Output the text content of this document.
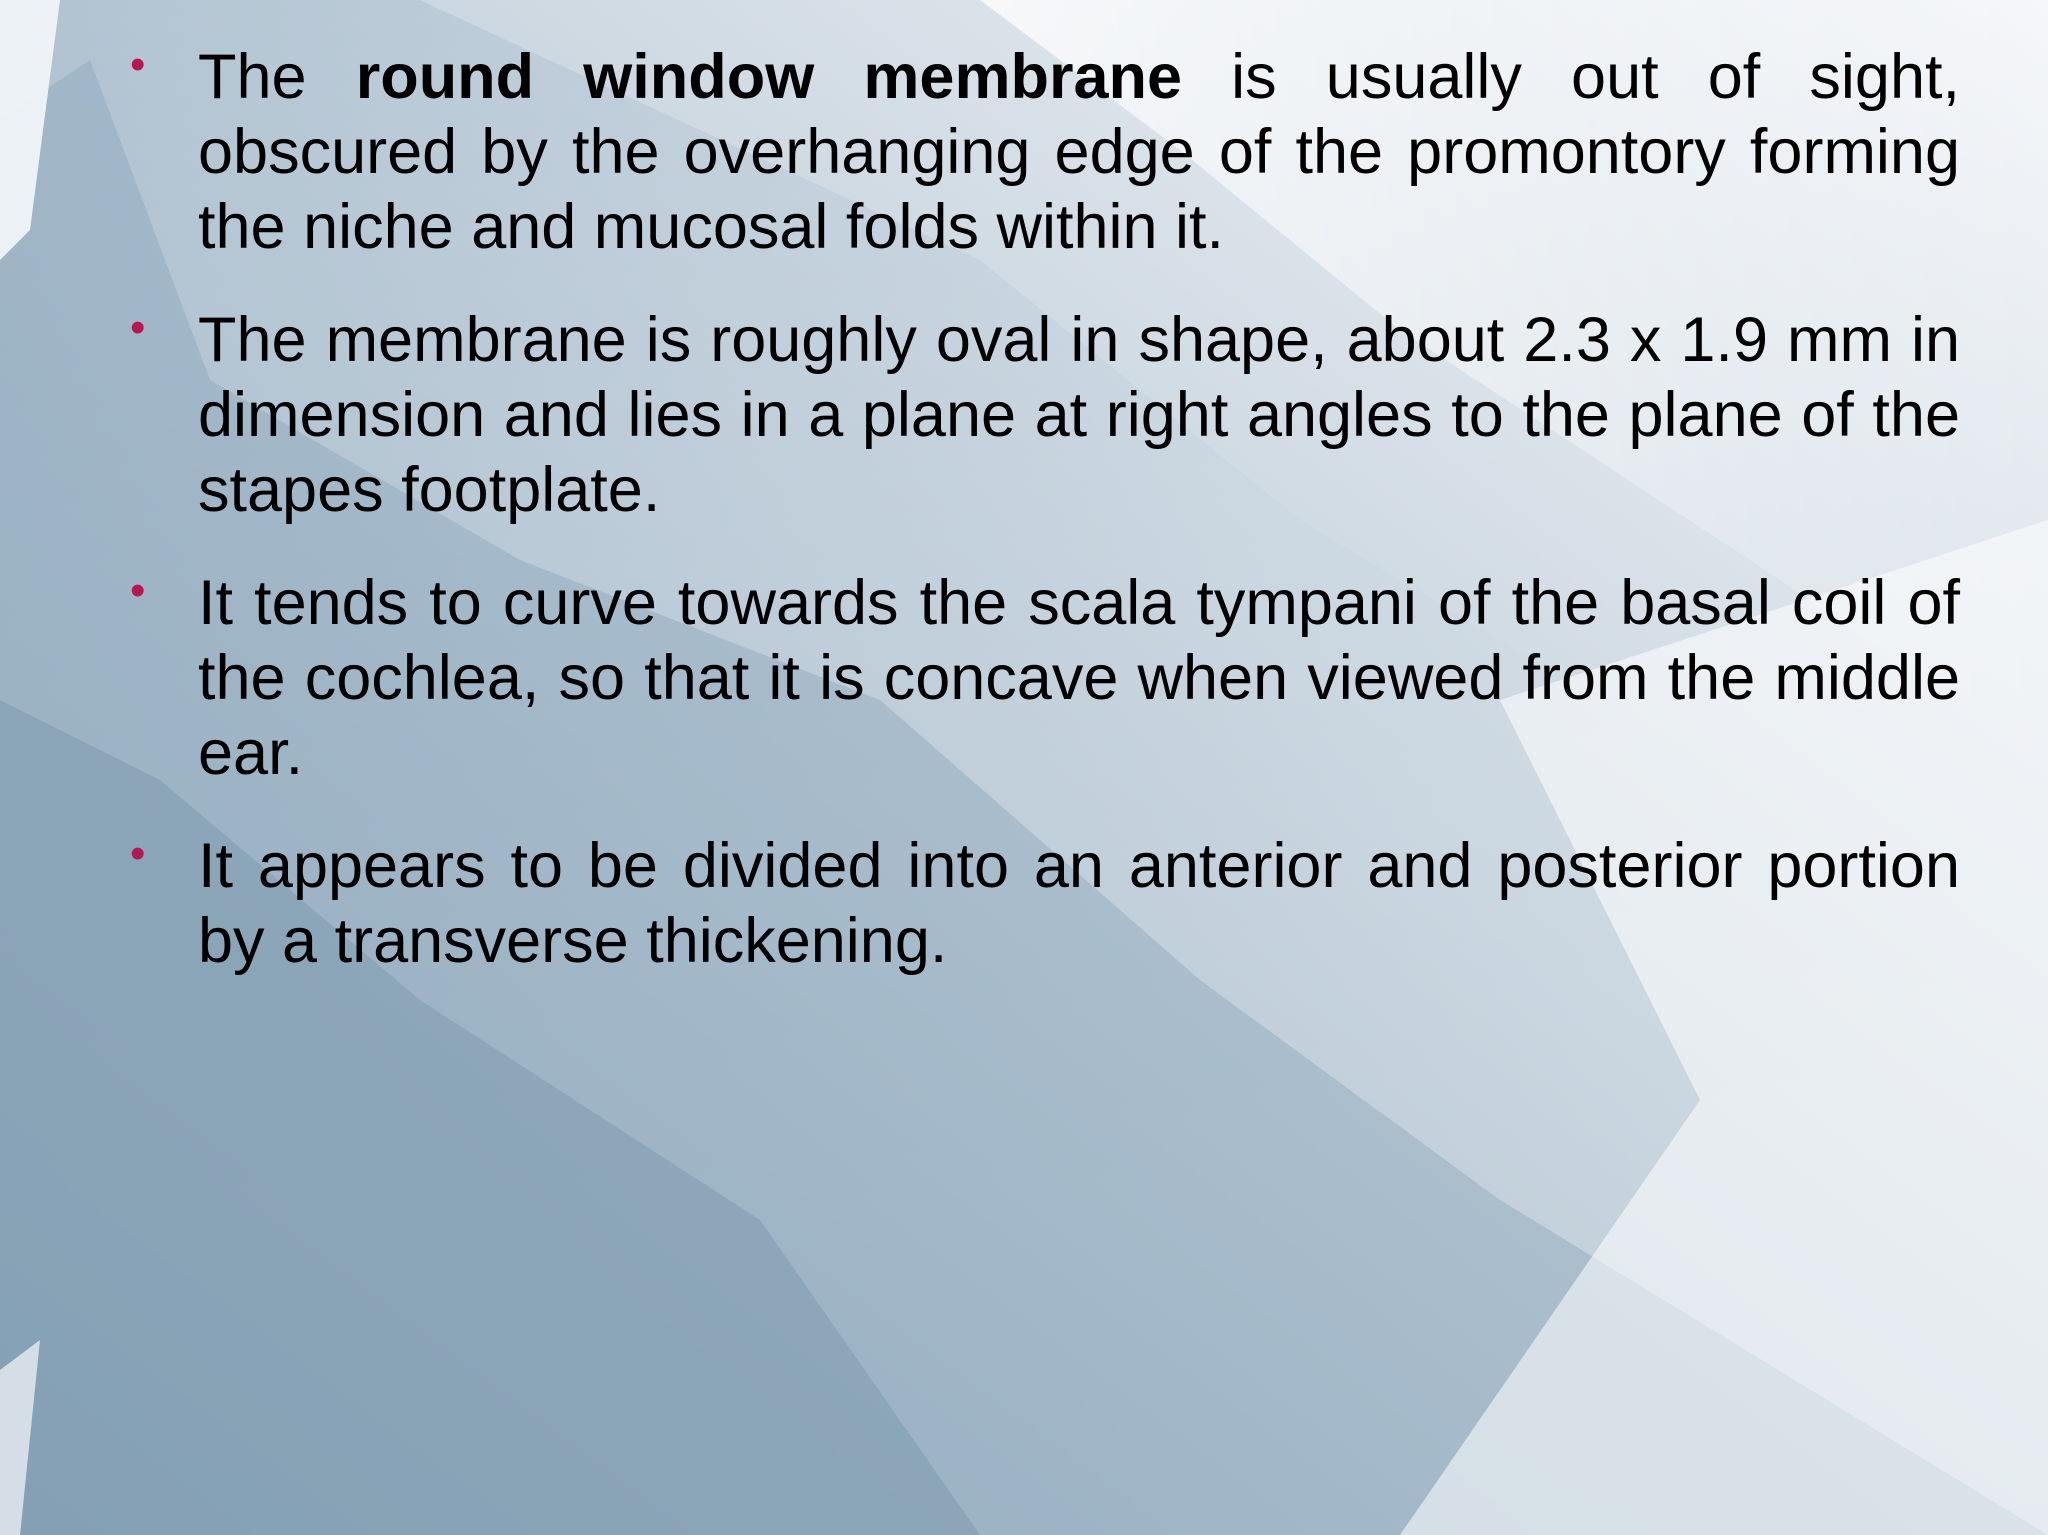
• The round window membrane is usually out of sight, obscured by the overhanging edge of the promontory forming the niche and mucosal folds within it.
• The membrane is roughly oval in shape, about 2.3 x 1.9 mm in dimension and lies in a plane at right angles to the plane of the stapes footplate.
• It tends to curve towards the scala tympani of the basal coil of the cochlea, so that it is concave when viewed from the middle ear.
• It appears to be divided into an anterior and posterior portion by a transverse thickening.
